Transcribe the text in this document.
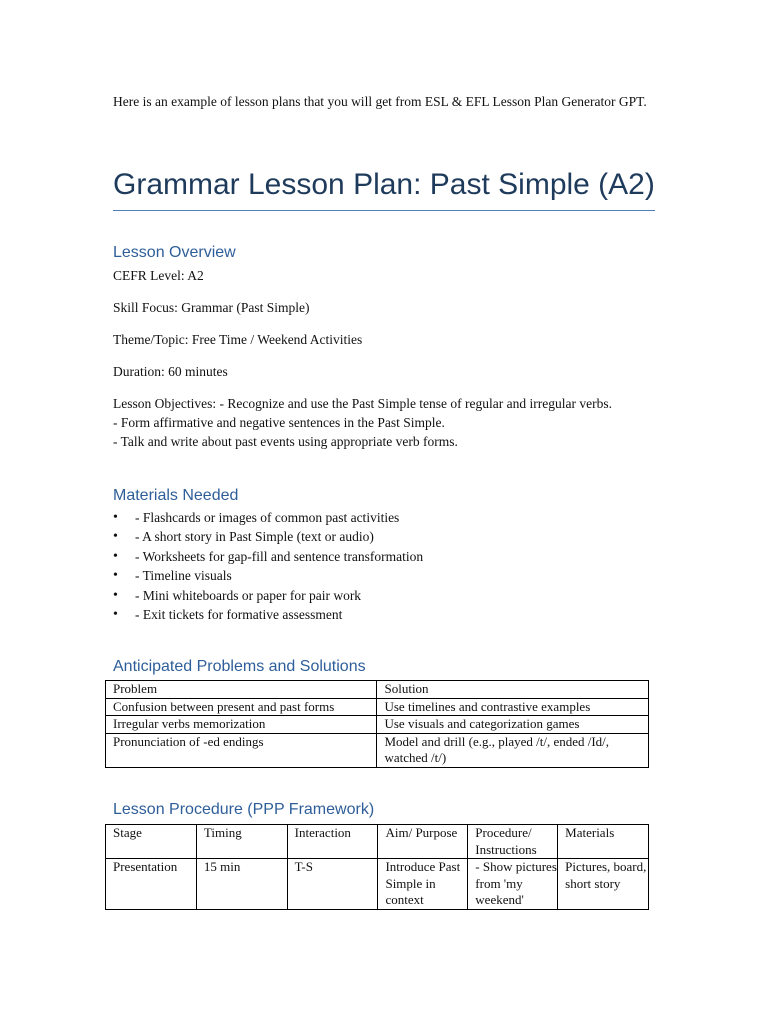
Here is an example of lesson plans that you will get from ESL & EFL Lesson Plan Generator GPT.
Grammar Lesson Plan: Past Simple (A2)
Lesson Overview
CEFR Level: A2
Skill Focus: Grammar (Past Simple)
Theme/Topic: Free Time / Weekend Activities
Duration: 60 minutes
Lesson Objectives: - Recognize and use the Past Simple tense of regular and irregular verbs.
- Form affirmative and negative sentences in the Past Simple.
- Talk and write about past events using appropriate verb forms.
Materials Needed
• - Flashcards or images of common past activities
• - A short story in Past Simple (text or audio)
• - Worksheets for gap-fill and sentence transformation
• - Timeline visuals
• - Mini whiteboards or paper for pair work
• - Exit tickets for formative assessment
Anticipated Problems and Solutions
Problem	Solution
Confusion between present and past forms	Use timelines and contrastive examples
Irregular verbs memorization	Use visuals and categorization games
Pronunciation of -ed endings	Model and drill (e.g., played /t/, ended /Id/, watched /t/)
Lesson Procedure (PPP Framework)
Stage	Timing	Interaction	Aim/ Purpose	Procedure/ Instructions	Materials
Presentation	15 min	T-S	Introduce Past Simple in context	- Show pictures from 'my weekend'	Pictures, board, short story
